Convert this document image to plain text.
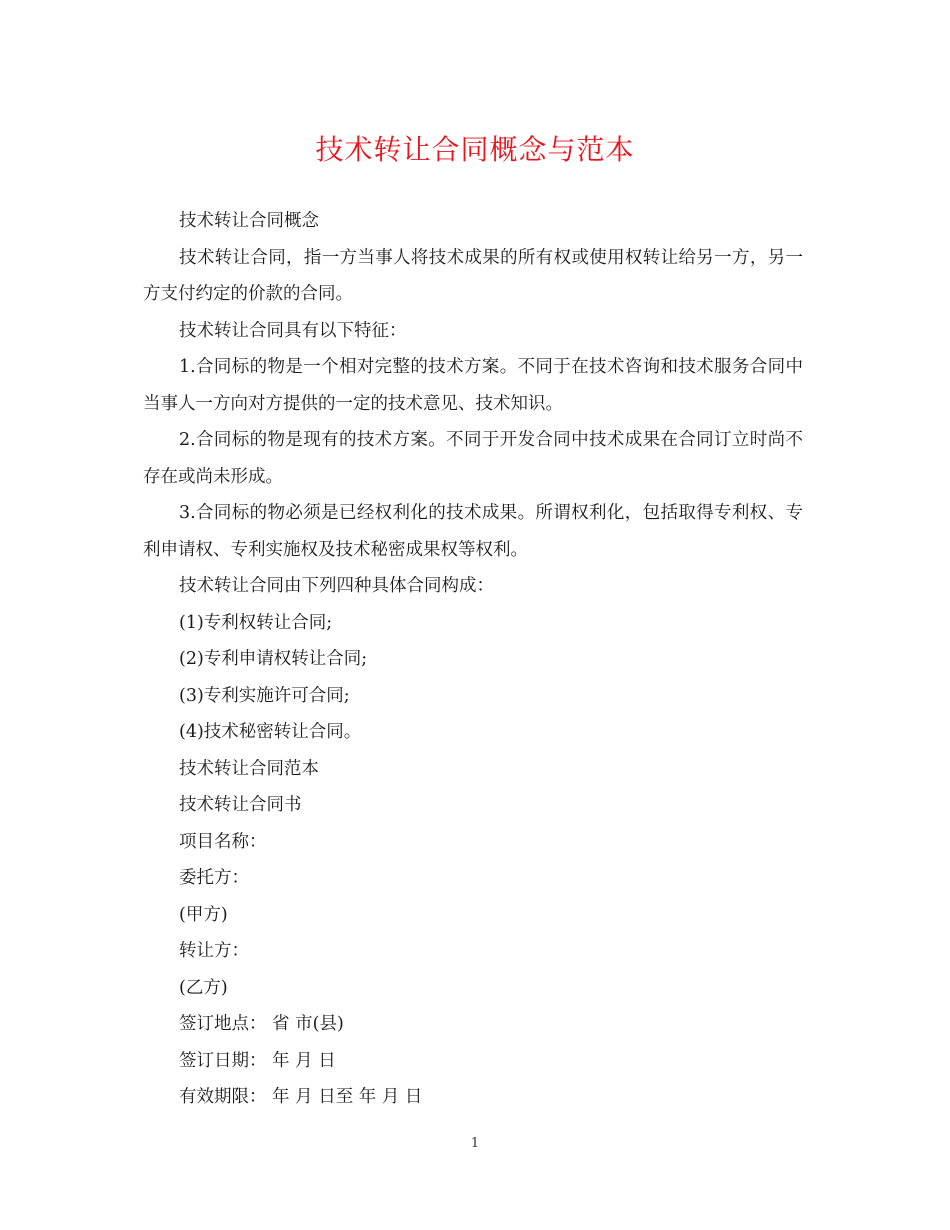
技术转让合同概念与范本

技术转让合同概念

技术转让合同，指一方当事人将技术成果的所有权或使用权转让给另一方，另一方支付约定的价款的合同。

技术转让合同具有以下特征：

1.合同标的物是一个相对完整的技术方案。不同于在技术咨询和技术服务合同中当事人一方向对方提供的一定的技术意见、技术知识。

2.合同标的物是现有的技术方案。不同于开发合同中技术成果在合同订立时尚不存在或尚未形成。

3.合同标的物必须是已经权利化的技术成果。所谓权利化，包括取得专利权、专利申请权、专利实施权及技术秘密成果权等权利。

技术转让合同由下列四种具体合同构成：

(1)专利权转让合同;

(2)专利申请权转让合同;

(3)专利实施许可合同;

(4)技术秘密转让合同。

技术转让合同范本

技术转让合同书

项目名称：

委托方：

(甲方)

转让方：

(乙方)

签订地点： 省 市(县)

签订日期： 年 月 日

有效期限： 年 月 日至 年 月 日

1
